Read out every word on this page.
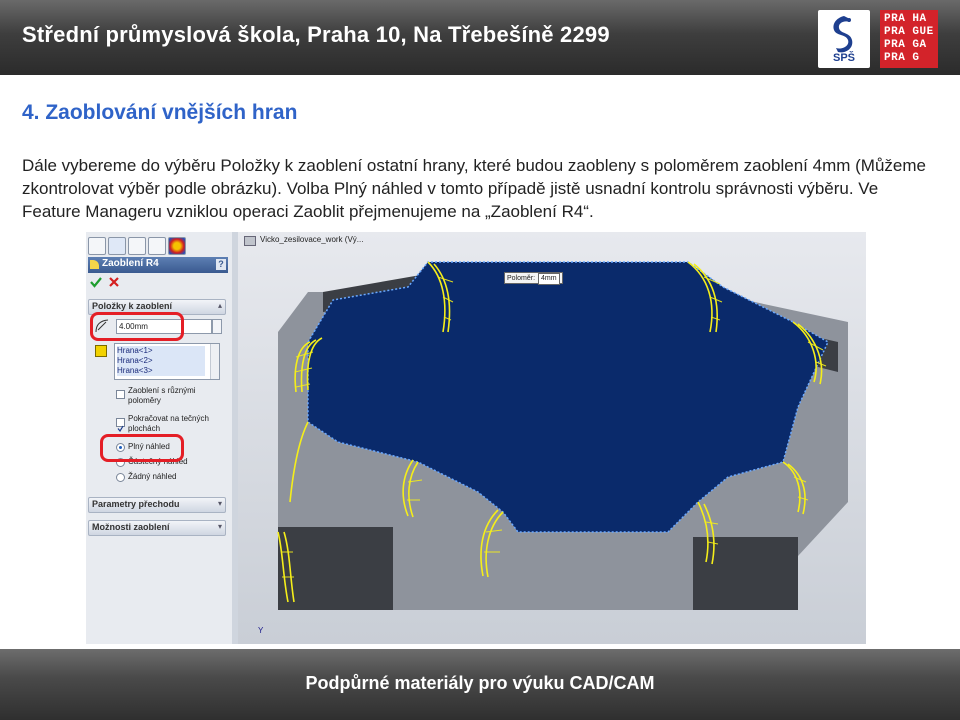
Střední průmyslová škola, Praha 10, Na Třebešíně 2299
SPŠ
PRA HA
PRA GUE
PRA GA
PRA G
4. Zaoblování vnějších hran
Dále vybereme do výběru Položky k zaoblení ostatní hrany, které budou zaobleny s poloměrem zaoblení 4mm (Můžeme
zkontrolovat výběr podle obrázku). Volba Plný náhled v tomto případě jistě usnadní kontrolu správnosti výběru. Ve
Feature Manageru vzniklou operaci Zaoblit přejmenujeme na „Zaoblení R4“.
Zaoblení R4	?
Položky k zaoblení	▴
4.00mm
Hrana<1>
Hrana<2>
Hrana<3>
Zaoblení s různými
poloměry
Pokračovat na tečných
plochách
Plný náhled
Částečný náhled
Žádný náhled
Parametry přechodu	▾
Možnosti zaoblení	▾
Vicko_zesilovace_work (Vý...
Poloměr: 4mm
Y
Podpůrné materiály pro výuku CAD/CAM
